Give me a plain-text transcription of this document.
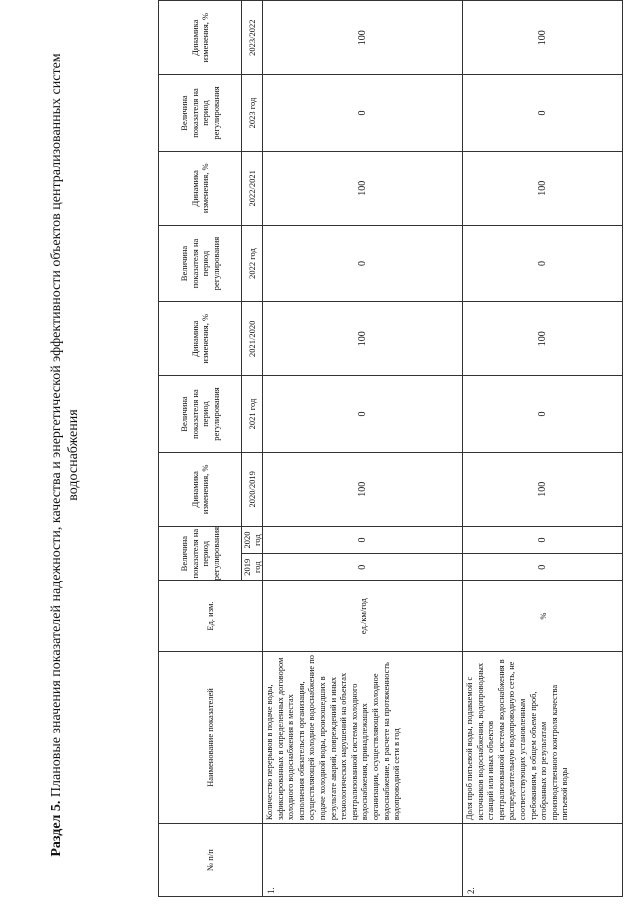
Раздел 5. Плановые значения показателей надежности, качества и энергетической эффективности объектов централизованных систем водоснабжения
№ п/п	Наименование показателей	Ед. изм.	Величина показателя на период регулирования		Динамика изменения, %	Величина показателя на период регулирования	Динамика изменения, %	Величина показателя на период регулирования	Динамика изменения, %	Величина показателя на период регулирования	Динамика изменения, %
			2019 год	2020 год	2020/2019	2021 год	2021/2020	2022 год	2022/2021	2023 год	2023/2022
1.	Количество перерывов в подаче воды, зафиксированных в определенных договором холодного водоснабжения в местах исполнения обязательств организации, осуществляющей холодное водоснабжение по подаче холодной воды, произошедших в результате аварий, повреждений и иных технологических нарушений на объектах централизованной системы холодного водоснабжения, принадлежащих организации, осуществляющей холодное водоснабжение, в расчете на протяженность водопроводной сети в год	ед./км/год	0	0	100	0	100	0	100	0	100
2.	Доля проб питьевой воды, подаваемой с источников водоснабжения, водопроводных станций или иных объектов централизованной системы водоснабжения в распределительную водопроводную сеть, не соответствующих установленным требованиям, в общем объеме проб, отобранных по результатам производственного контроля качества питьевой воды	%	0	0	100	0	100	0	100	0	100
